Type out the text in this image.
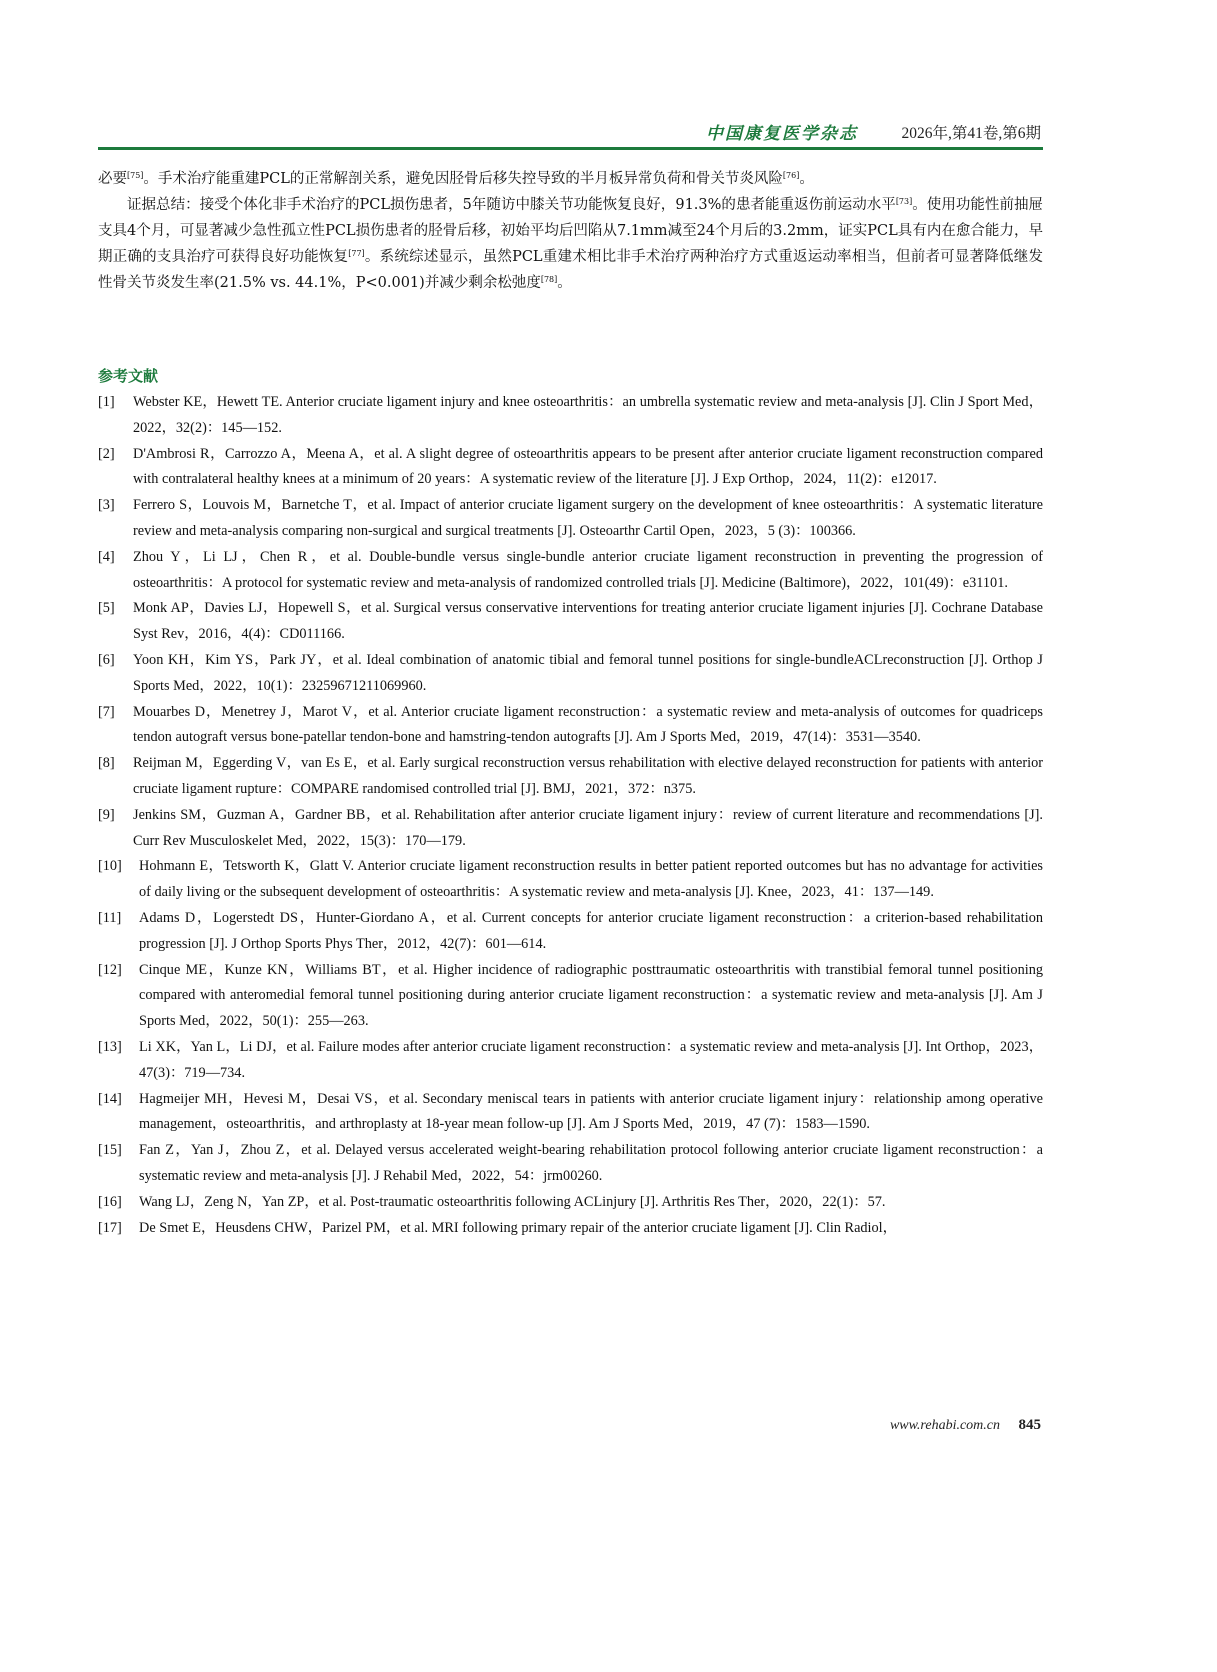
中国康复医学杂志	2026年,第41卷,第6期

必要[75]。手术治疗能重建PCL的正常解剖关系，避免因胫骨后移失控导致的半月板异常负荷和骨关节炎风险[76]。

证据总结：接受个体化非手术治疗的PCL损伤患者，5年随访中膝关节功能恢复良好，91.3%的患者能重返伤前运动水平[73]。使用功能性前抽屉支具4个月，可显著减少急性孤立性PCL损伤患者的胫骨后移，初始平均后凹陷从7.1mm减至24个月后的3.2mm，证实PCL具有内在愈合能力，早期正确的支具治疗可获得良好功能恢复[77]。系统综述显示，虽然PCL重建术相比非手术治疗两种治疗方式重返运动率相当，但前者可显著降低继发性骨关节炎发生率(21.5% vs. 44.1%，P<0.001)并减少剩余松弛度[78]。

参考文献
[1]	Webster KE，Hewett TE. Anterior cruciate ligament injury and knee osteoarthritis：an umbrella systematic review and meta-analysis [J]. Clin J Sport Med，2022，32(2)：145—152.
[2]	D'Ambrosi R，Carrozzo A，Meena A，et al. A slight degree of osteoarthritis appears to be present after anterior cruciate ligament reconstruction compared with contralateral healthy knees at a minimum of 20 years：A systematic review of the literature [J]. J Exp Orthop，2024，11(2)：e12017.
[3]	Ferrero S，Louvois M，Barnetche T，et al. Impact of anterior cruciate ligament surgery on the development of knee osteoarthritis：A systematic literature review and meta-analysis comparing non-surgical and surgical treatments [J]. Osteoarthr Cartil Open，2023，5 (3)：100366.
[4]	Zhou Y，Li LJ，Chen R，et al. Double-bundle versus single-bundle anterior cruciate ligament reconstruction in preventing the progression of osteoarthritis：A protocol for systematic review and meta-analysis of randomized controlled trials [J]. Medicine (Baltimore)，2022，101(49)：e31101.
[5]	Monk AP，Davies LJ，Hopewell S，et al. Surgical versus conservative interventions for treating anterior cruciate ligament injuries [J]. Cochrane Database Syst Rev，2016，4(4)：CD011166.
[6]	Yoon KH，Kim YS，Park JY，et al. Ideal combination of anatomic tibial and femoral tunnel positions for single-bundleACLreconstruction [J]. Orthop J Sports Med，2022，10(1)：23259671211069960.
[7]	Mouarbes D，Menetrey J，Marot V，et al. Anterior cruciate ligament reconstruction：a systematic review and meta-analysis of outcomes for quadriceps tendon autograft versus bone-patellar tendon-bone and hamstring-tendon autografts [J]. Am J Sports Med，2019，47(14)：3531—3540.
[8]	Reijman M，Eggerding V，van Es E，et al. Early surgical reconstruction versus rehabilitation with elective delayed reconstruction for patients with anterior cruciate ligament rupture：COMPARE randomised controlled trial [J]. BMJ，2021，372：n375.
[9]	Jenkins SM，Guzman A，Gardner BB，et al. Rehabilitation after anterior cruciate ligament injury：review of current literature and recommendations [J]. Curr Rev Musculoskelet Med，2022，15(3)：170—179.
[10]	Hohmann E，Tetsworth K，Glatt V. Anterior cruciate ligament reconstruction results in better patient reported outcomes but has no advantage for activities of daily living or the subsequent development of osteoarthritis：A systematic review and meta-analysis [J]. Knee，2023，41：137—149.
[11]	Adams D，Logerstedt DS，Hunter-Giordano A，et al. Current concepts for anterior cruciate ligament reconstruction：a criterion-based rehabilitation progression [J]. J Orthop Sports Phys Ther，2012，42(7)：601—614.
[12]	Cinque ME，Kunze KN，Williams BT，et al. Higher incidence of radiographic posttraumatic osteoarthritis with transtibial femoral tunnel positioning compared with anteromedial femoral tunnel positioning during anterior cruciate ligament reconstruction：a systematic review and meta-analysis [J]. Am J Sports Med，2022，50(1)：255—263.
[13]	Li XK，Yan L，Li DJ，et al. Failure modes after anterior cruciate ligament reconstruction：a systematic review and meta-analysis [J]. Int Orthop，2023，47(3)：719—734.
[14]	Hagmeijer MH，Hevesi M，Desai VS，et al. Secondary meniscal tears in patients with anterior cruciate ligament injury：relationship among operative management，osteoarthritis，and arthroplasty at 18-year mean follow-up [J]. Am J Sports Med，2019，47 (7)：1583—1590.
[15]	Fan Z，Yan J，Zhou Z，et al. Delayed versus accelerated weight-bearing rehabilitation protocol following anterior cruciate ligament reconstruction：a systematic review and meta-analysis [J]. J Rehabil Med，2022，54：jrm00260.
[16]	Wang LJ，Zeng N，Yan ZP，et al. Post-traumatic osteoarthritis following ACLinjury [J]. Arthritis Res Ther，2020，22(1)：57.
[17]	De Smet E，Heusdens CHW，Parizel PM，et al. MRI following primary repair of the anterior cruciate ligament [J]. Clin Radiol，
www.rehabi.com.cn 845
